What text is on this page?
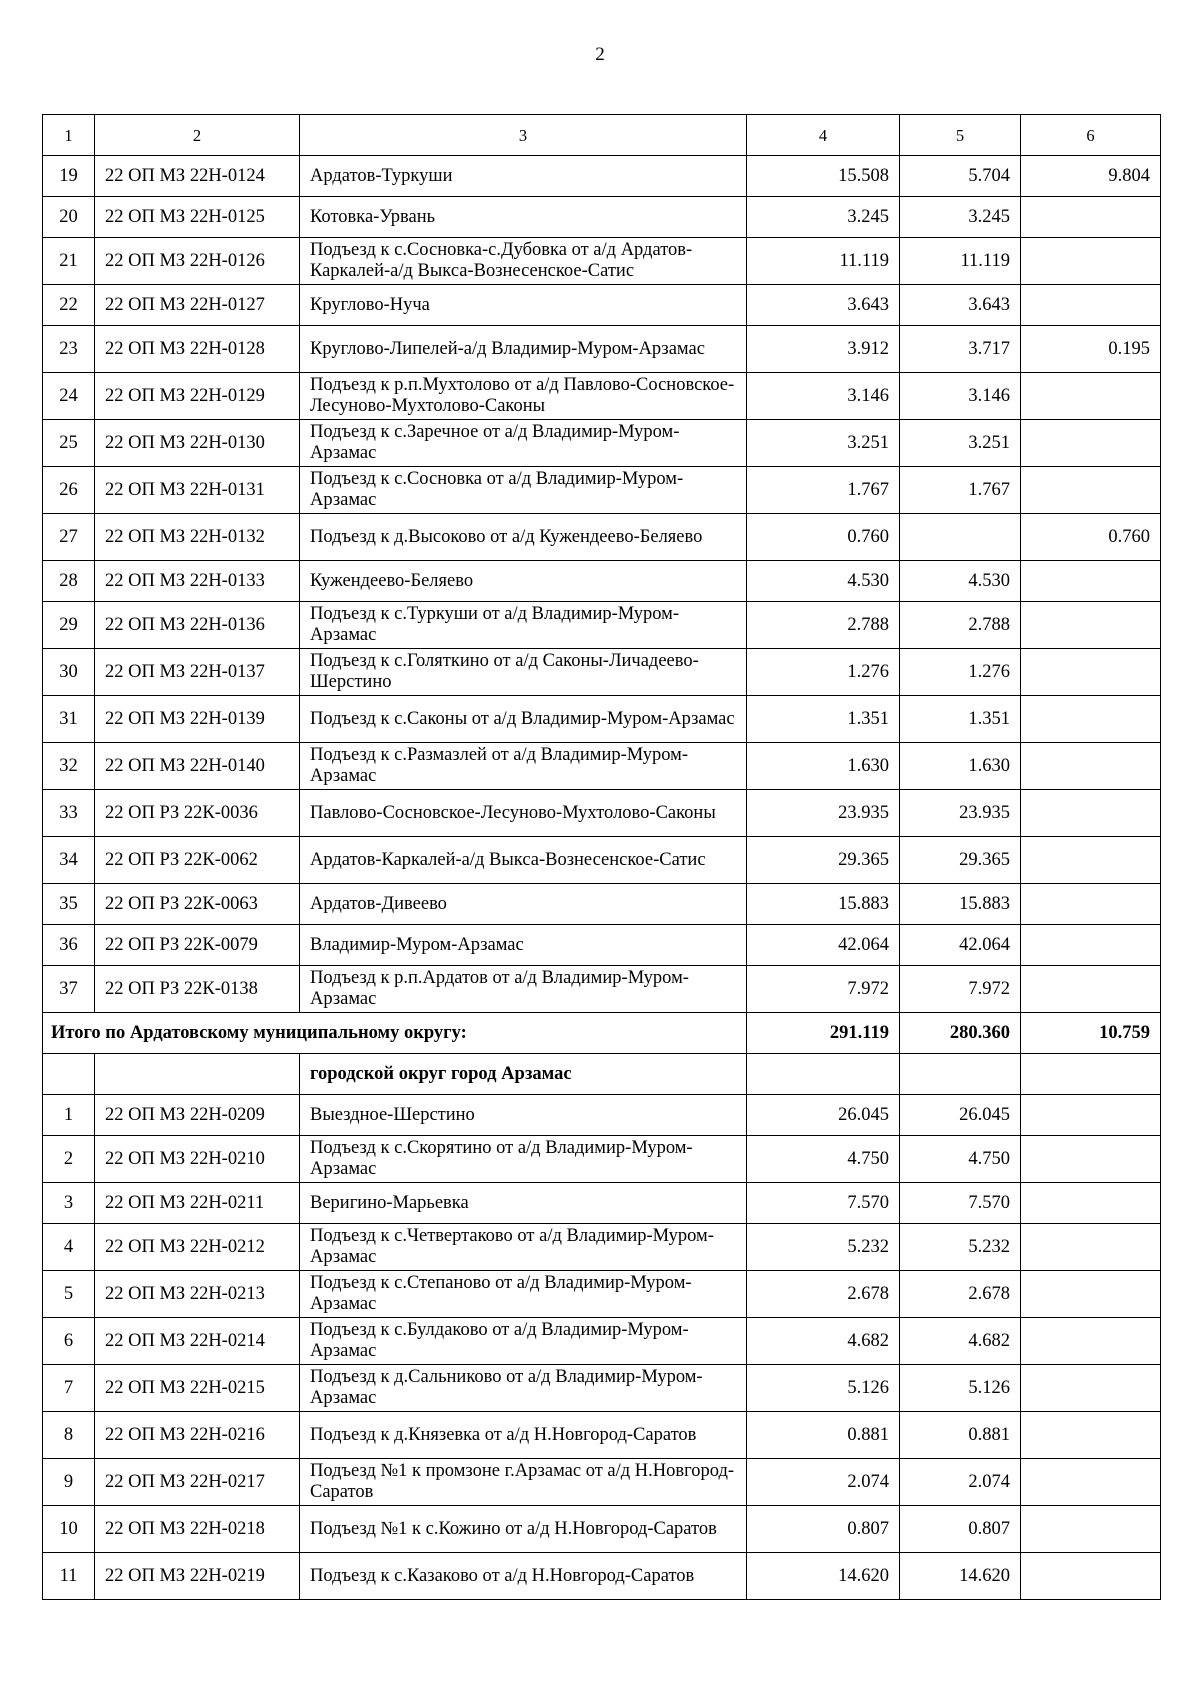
2
1	2	3	4	5	6
19	22 ОП МЗ 22Н-0124	Ардатов-Туркуши	15.508	5.704	9.804
20	22 ОП МЗ 22Н-0125	Котовка-Урвань	3.245	3.245	
21	22 ОП МЗ 22Н-0126	Подъезд к с.Сосновка-с.Дубовка от а/д Ардатов-Каркалей-а/д Выкса-Вознесенское-Сатис	11.119	11.119	
22	22 ОП МЗ 22Н-0127	Круглово-Нуча	3.643	3.643	
23	22 ОП МЗ 22Н-0128	Круглово-Липелей-а/д Владимир-Муром-Арзамас	3.912	3.717	0.195
24	22 ОП МЗ 22Н-0129	Подъезд к р.п.Мухтолово от а/д Павлово-Сосновское-Лесуново-Мухтолово-Саконы	3.146	3.146	
25	22 ОП МЗ 22Н-0130	Подъезд к с.Заречное от а/д Владимир-Муром-Арзамас	3.251	3.251	
26	22 ОП МЗ 22Н-0131	Подъезд к с.Сосновка от а/д Владимир-Муром-Арзамас	1.767	1.767	
27	22 ОП МЗ 22Н-0132	Подъезд к д.Высоково от а/д Кужендеево-Беляево	0.760		0.760
28	22 ОП МЗ 22Н-0133	Кужендеево-Беляево	4.530	4.530	
29	22 ОП МЗ 22Н-0136	Подъезд к с.Туркуши от а/д Владимир-Муром-Арзамас	2.788	2.788	
30	22 ОП МЗ 22Н-0137	Подъезд к с.Голяткино от а/д Саконы-Личадеево-Шерстино	1.276	1.276	
31	22 ОП МЗ 22Н-0139	Подъезд к с.Саконы от а/д Владимир-Муром-Арзамас	1.351	1.351	
32	22 ОП МЗ 22Н-0140	Подъезд к с.Размазлей от а/д Владимир-Муром-Арзамас	1.630	1.630	
33	22 ОП РЗ 22К-0036	Павлово-Сосновское-Лесуново-Мухтолово-Саконы	23.935	23.935	
34	22 ОП РЗ 22К-0062	Ардатов-Каркалей-а/д Выкса-Вознесенское-Сатис	29.365	29.365	
35	22 ОП РЗ 22К-0063	Ардатов-Дивеево	15.883	15.883	
36	22 ОП РЗ 22К-0079	Владимир-Муром-Арзамас	42.064	42.064	
37	22 ОП РЗ 22К-0138	Подъезд к р.п.Ардатов от а/д Владимир-Муром-Арзамас	7.972	7.972	
Итого по Ардатовскому муниципальному округу:			291.119	280.360	10.759
		городской округ город Арзамас			
1	22 ОП МЗ 22Н-0209	Выездное-Шерстино	26.045	26.045	
2	22 ОП МЗ 22Н-0210	Подъезд к с.Скорятино от а/д Владимир-Муром-Арзамас	4.750	4.750	
3	22 ОП МЗ 22Н-0211	Веригино-Марьевка	7.570	7.570	
4	22 ОП МЗ 22Н-0212	Подъезд к с.Четвертаково от а/д Владимир-Муром-Арзамас	5.232	5.232	
5	22 ОП МЗ 22Н-0213	Подъезд к с.Степаново от а/д Владимир-Муром-Арзамас	2.678	2.678	
6	22 ОП МЗ 22Н-0214	Подъезд к с.Булдаково от а/д Владимир-Муром-Арзамас	4.682	4.682	
7	22 ОП МЗ 22Н-0215	Подъезд к д.Сальниково от а/д Владимир-Муром-Арзамас	5.126	5.126	
8	22 ОП МЗ 22Н-0216	Подъезд к д.Князевка от а/д Н.Новгород-Саратов	0.881	0.881	
9	22 ОП МЗ 22Н-0217	Подъезд №1 к промзоне г.Арзамас от а/д Н.Новгород-Саратов	2.074	2.074	
10	22 ОП МЗ 22Н-0218	Подъезд №1 к с.Кожино от а/д Н.Новгород-Саратов	0.807	0.807	
11	22 ОП МЗ 22Н-0219	Подъезд к с.Казаково от а/д Н.Новгород-Саратов	14.620	14.620	
